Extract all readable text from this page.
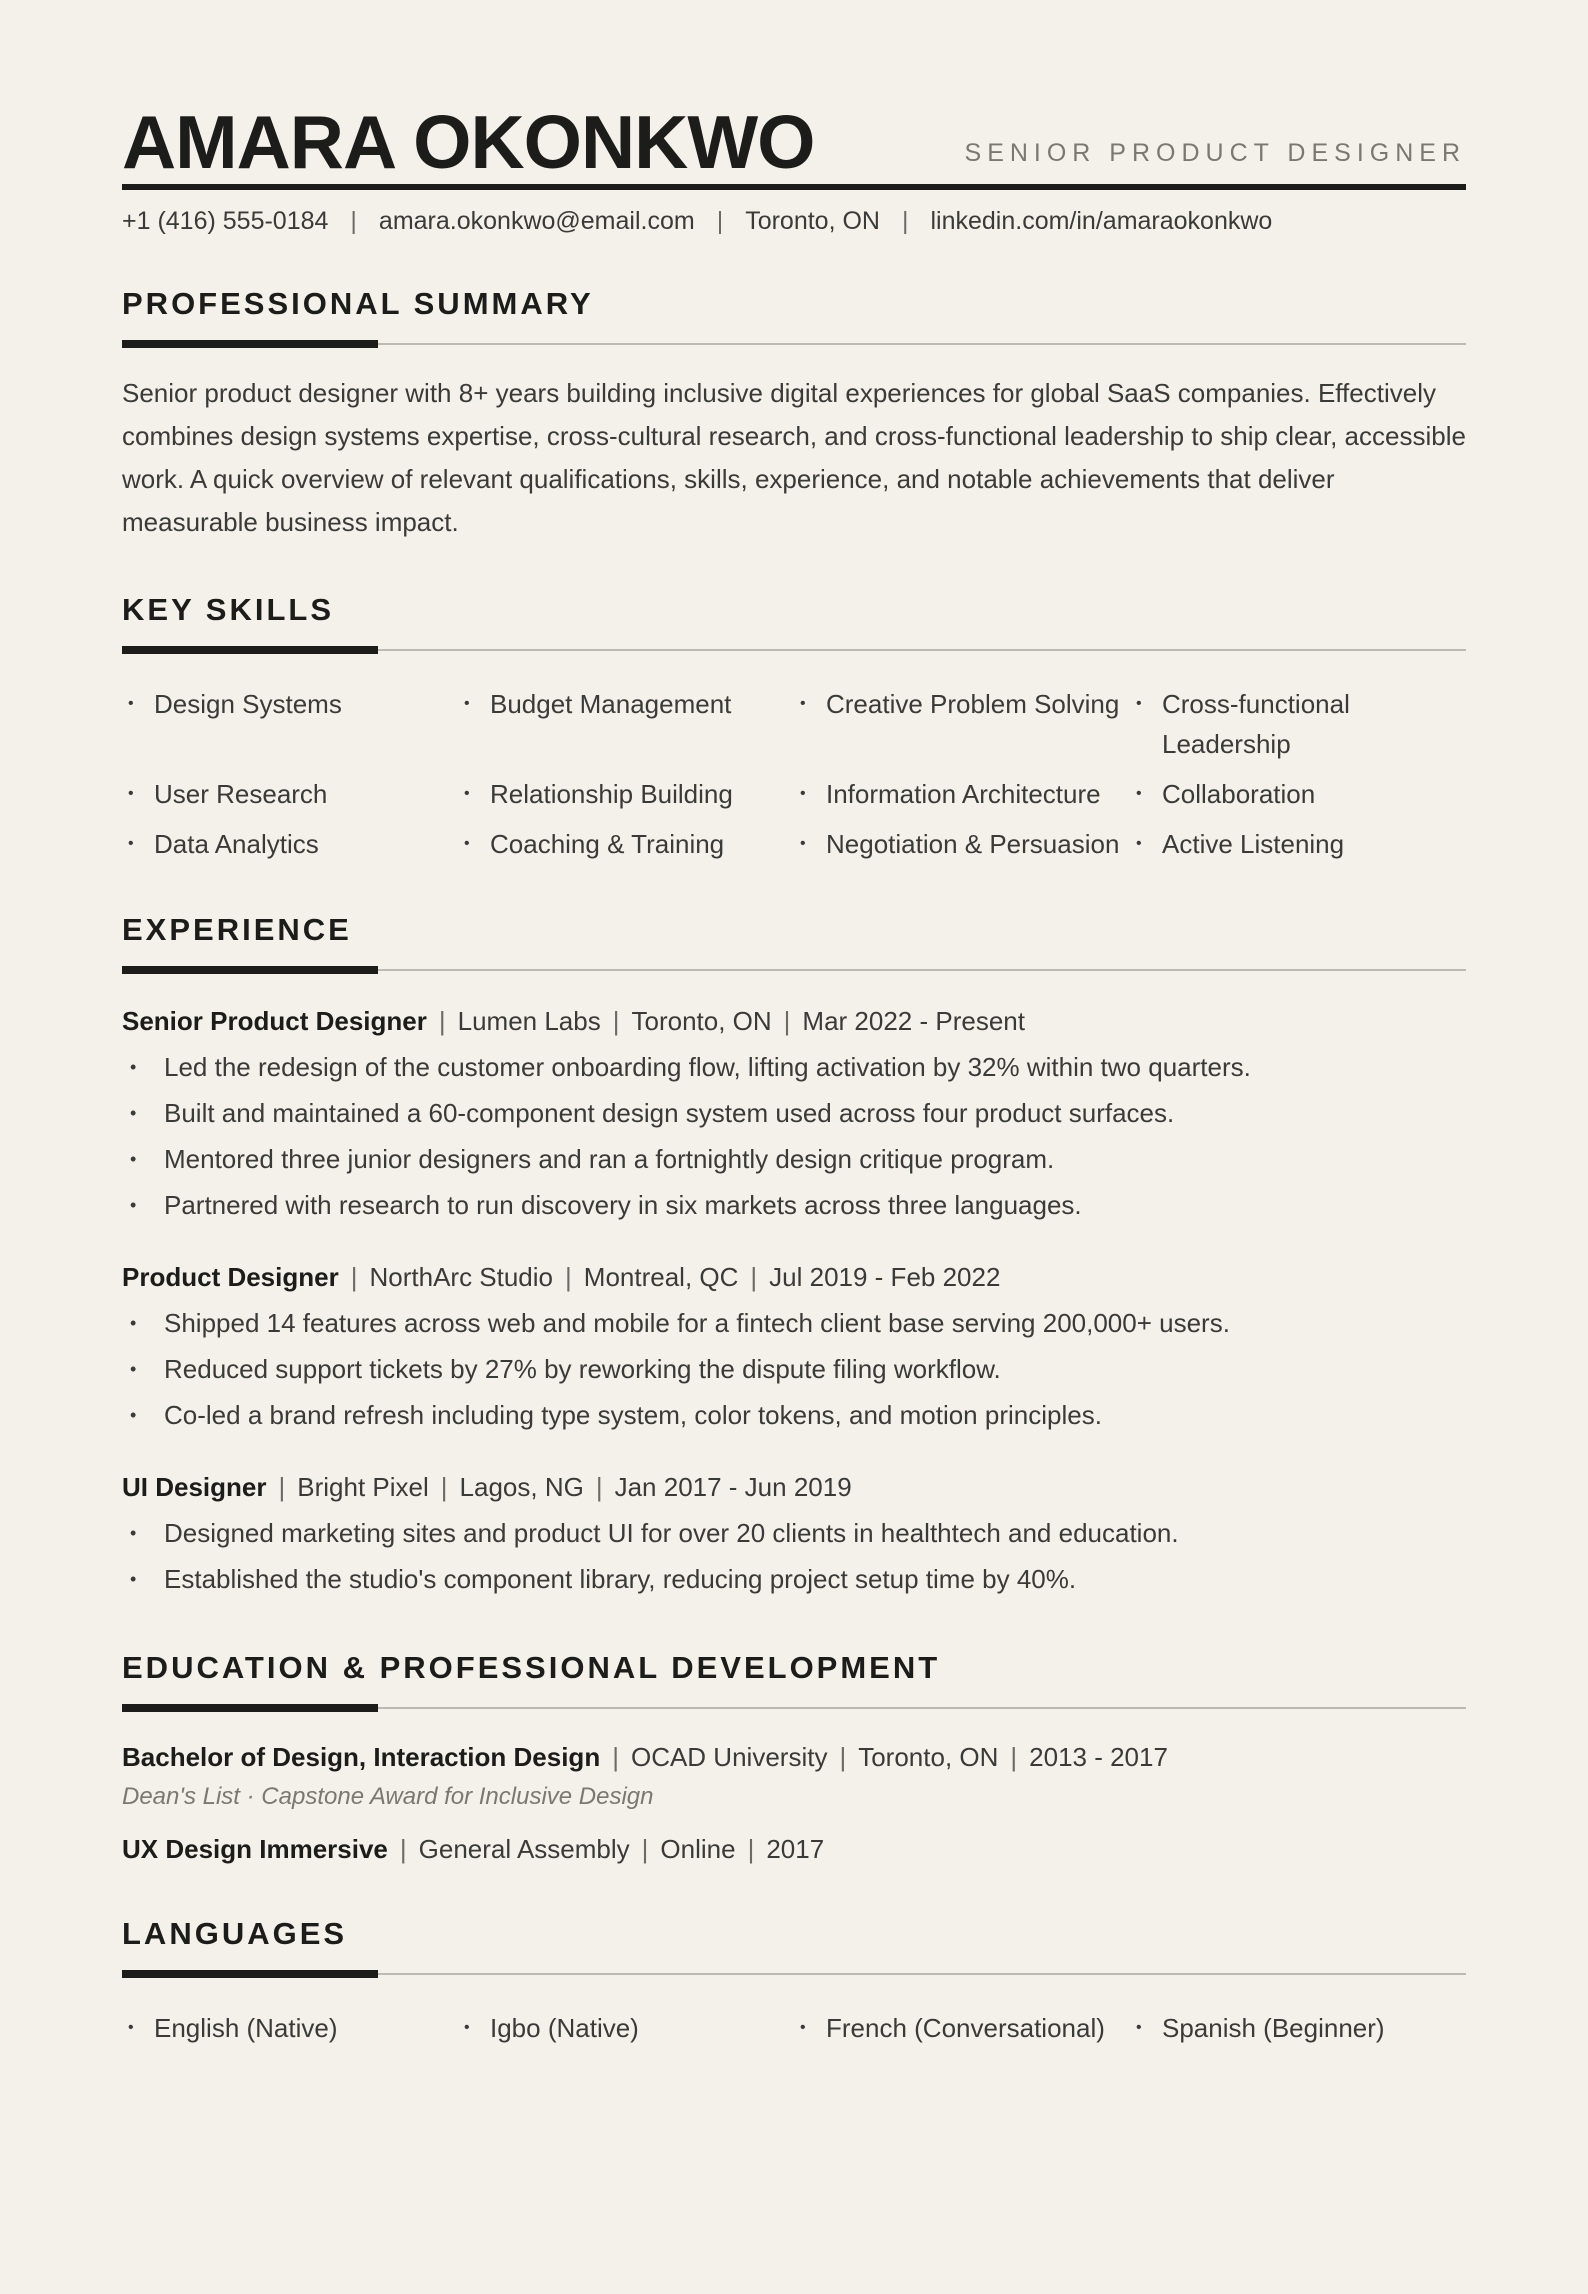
AMARA OKONKWO	SENIOR PRODUCT DESIGNER
+1 (416) 555-0184 | amara.okonkwo@email.com | Toronto, ON | linkedin.com/in/amaraokonkwo
PROFESSIONAL SUMMARY
Senior product designer with 8+ years building inclusive digital experiences for global SaaS companies. Effectively combines design systems expertise, cross-cultural research, and cross-functional leadership to ship clear, accessible work. A quick overview of relevant qualifications, skills, experience, and notable achievements that deliver measurable business impact.
KEY SKILLS
• Design Systems	• Budget Management	• Creative Problem Solving • Cross-functional Leadership
• User Research	• Relationship Building	• Information Architecture • Collaboration
• Data Analytics	• Coaching & Training	• Negotiation & Persuasion • Active Listening
EXPERIENCE
Senior Product Designer | Lumen Labs | Toronto, ON | Mar 2022 - Present
•	Led the redesign of the customer onboarding flow, lifting activation by 32% within two quarters.
•	Built and maintained a 60-component design system used across four product surfaces.
•	Mentored three junior designers and ran a fortnightly design critique program.
•	Partnered with research to run discovery in six markets across three languages.
Product Designer | NorthArc Studio | Montreal, QC | Jul 2019 - Feb 2022
•	Shipped 14 features across web and mobile for a fintech client base serving 200,000+ users.
•	Reduced support tickets by 27% by reworking the dispute filing workflow.
•	Co-led a brand refresh including type system, color tokens, and motion principles.
UI Designer | Bright Pixel | Lagos, NG | Jan 2017 - Jun 2019
•	Designed marketing sites and product UI for over 20 clients in healthtech and education.
•	Established the studio's component library, reducing project setup time by 40%.
EDUCATION & PROFESSIONAL DEVELOPMENT
Bachelor of Design, Interaction Design | OCAD University | Toronto, ON | 2013 - 2017
Dean's List · Capstone Award for Inclusive Design
UX Design Immersive | General Assembly | Online | 2017
LANGUAGES
• English (Native)	• Igbo (Native)	• French (Conversational) • Spanish (Beginner)
